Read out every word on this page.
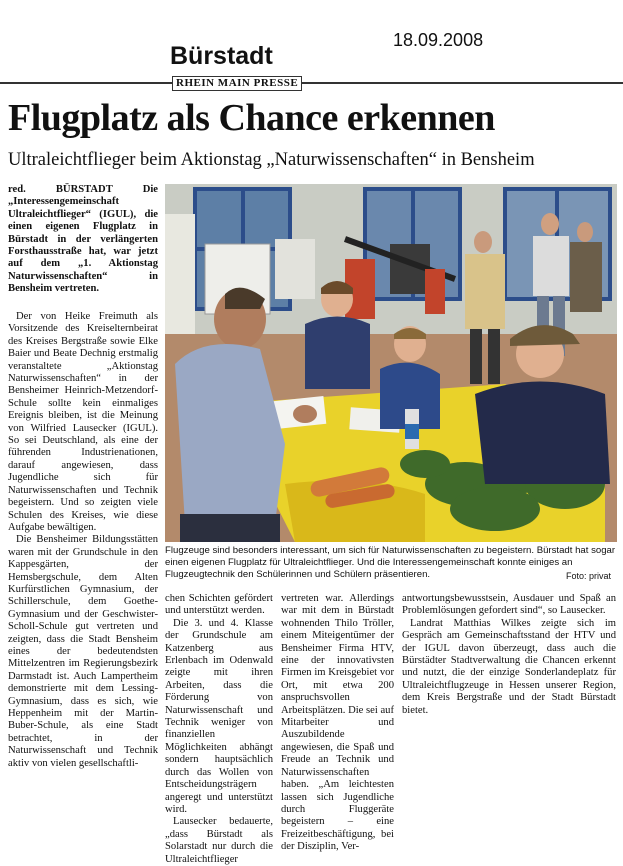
Bürstadt
18.09.2008
RHEIN MAIN PRESSE
Flugplatz als Chance erkennen
Ultraleichtflieger beim Aktionstag „Naturwissenschaften“ in Bensheim
red. BÜRSTADT Die „Interessengemeinschaft Ultraleichtflieger“ (IGUL), die einen eigenen Flugplatz in Bürstadt in der verlängerten Forsthausstraße hat, war jetzt auf dem „1. Aktionstag Naturwissenschaften“ in Bensheim vertreten.

Der von Heike Freimuth als Vorsitzende des Kreiselternbeirat des Kreises Bergstraße sowie Elke Baier und Beate Dechnig erstmalig veranstaltete „Aktionstag Naturwissenschaften“ in der Bensheimer Heinrich-Metzendorf-Schule sollte kein einmaliges Ereignis bleiben, ist die Meinung von Wilfried Lausecker (IGUL). So sei Deutschland, als eine der führenden Industrienationen, darauf angewiesen, dass Jugendliche sich für Naturwissenschaften und Technik begeistern. Und so zeigten viele Schulen des Kreises, wie diese Aufgabe bewältigen.

Die Bensheimer Bildungsstätten waren mit der Grundschule in den Kappesgärten, der Hemsbergschule, dem Alten Kurfürstlichen Gymnasium, der Schillerschule, dem Goethe-Gymnasium und der Geschwister-Scholl-Schule gut vertreten und zeigten, dass die Stadt Bensheim eines der bedeutendsten Mittelzentren im Regierungsbezirk Darmstadt ist. Auch Lampertheim demonstrierte mit dem Lessing-Gymnasium, dass es sich, wie Heppenheim mit der Martin-Buber-Schule, als eine Stadt betrachtet, in der Naturwissenschaft und Technik aktiv von vielen gesellschaftli-

chen Schichten gefördert und unterstützt werden.

Die 3. und 4. Klasse der Grundschule am Katzenberg aus Erlenbach im Odenwald zeigte mit ihren Arbeiten, dass die Förderung von Naturwissenschaft und Technik weniger von finanziellen Möglichkeiten abhängt sondern hauptsächlich durch das Wollen von Entscheidungsträgern angeregt und unterstützt wird.

Lausecker bedauerte, „dass Bürstadt als Solarstadt nur durch die Ultraleichtflieger

vertreten war. Allerdings war mit dem in Bürstadt wohnenden Thilo Tröller, einem Miteigentümer der Bensheimer Firma HTV, eine der innovativsten Firmen im Kreisgebiet vor Ort, mit etwa 200 anspruchsvollen Arbeitsplätzen. Die sei auf Mitarbeiter und Auszubildende angewiesen, die Spaß und Freude an Technik und Naturwissenschaften haben. „Am leichtesten lassen sich Jugendliche durch Fluggeräte begeistern – eine Freizeitbeschäftigung, bei der Disziplin, Ver-

antwortungsbewusstsein, Ausdauer und Spaß an Problemlösungen gefordert sind“, so Lausecker.

Landrat Matthias Wilkes zeigte sich im Gespräch am Gemeinschaftsstand der HTV und der IGUL davon überzeugt, dass auch die Bürstädter Stadtverwaltung die Chancen erkennt und nutzt, die der einzige Sonderlandeplatz für Ultraleichtflugzeuge in Hessen unserer Region, dem Kreis Bergstraße und der Stadt Bürstadt bietet.

Flugzeuge sind besonders interessant, um sich für Naturwissenschaften zu begeistern. Bürstadt hat sogar einen eigenen Flugplatz für Ultraleichtflieger. Und die Interessengemeinschaft konnte einiges an Flugzeugtechnik den Schülerinnen und Schülern präsentieren.	Foto: privat
